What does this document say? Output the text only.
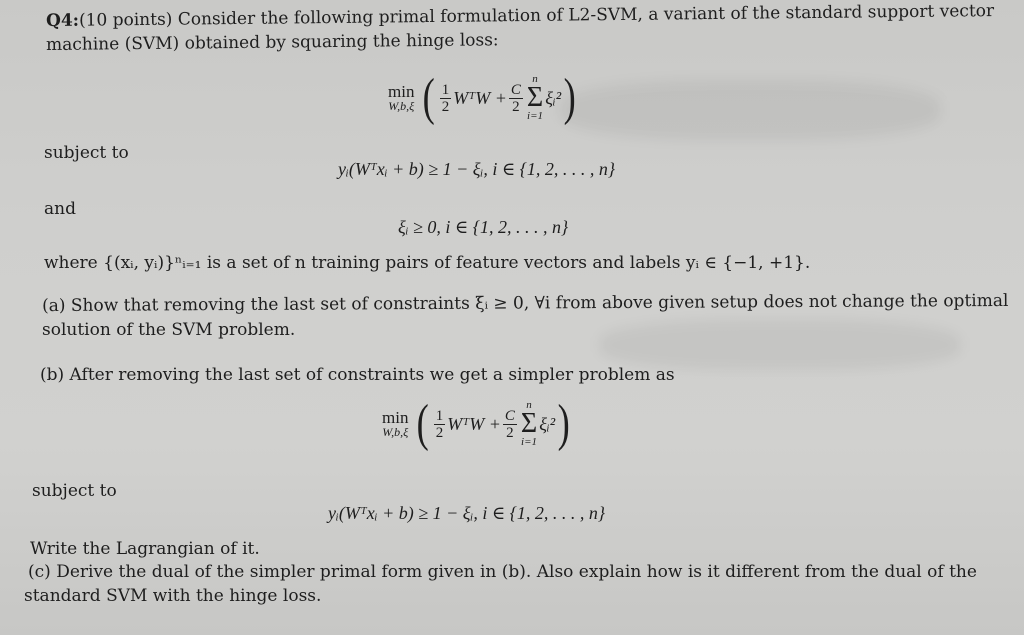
Q4:(10 points) Consider the following primal formulation of L2-SVM, a variant of the standard support vector
machine (SVM) obtained by squaring the hinge loss:
min
W,b,ξ ( $\frac{1}{2}$ WᵀW + $\frac{C}{2}$
n
Σ
i=1
ξᵢ² )
subject to
yᵢ(Wᵀxᵢ + b) ≥ 1 − ξᵢ, i ∈ {1, 2, . . . , n}
and
ξᵢ ≥ 0, i ∈ {1, 2, . . . , n}
where {(xᵢ, yᵢ)}ⁿᵢ₌₁ is a set of n training pairs of feature vectors and labels yᵢ ∈ {−1, +1}.
(a) Show that removing the last set of constraints ξᵢ ≥ 0, ∀i from above given setup does not change the optimal
solution of the SVM problem.
(b) After removing the last set of constraints we get a simpler problem as
min
W,b,ξ ( $\frac{1}{2}$ WᵀW + $\frac{C}{2}$
n
Σ
i=1
ξᵢ² )
subject to
yᵢ(Wᵀxᵢ + b) ≥ 1 − ξᵢ, i ∈ {1, 2, . . . , n}
Write the Lagrangian of it.
(c) Derive the dual of the simpler primal form given in (b). Also explain how is it different from the dual of the
standard SVM with the hinge loss.
